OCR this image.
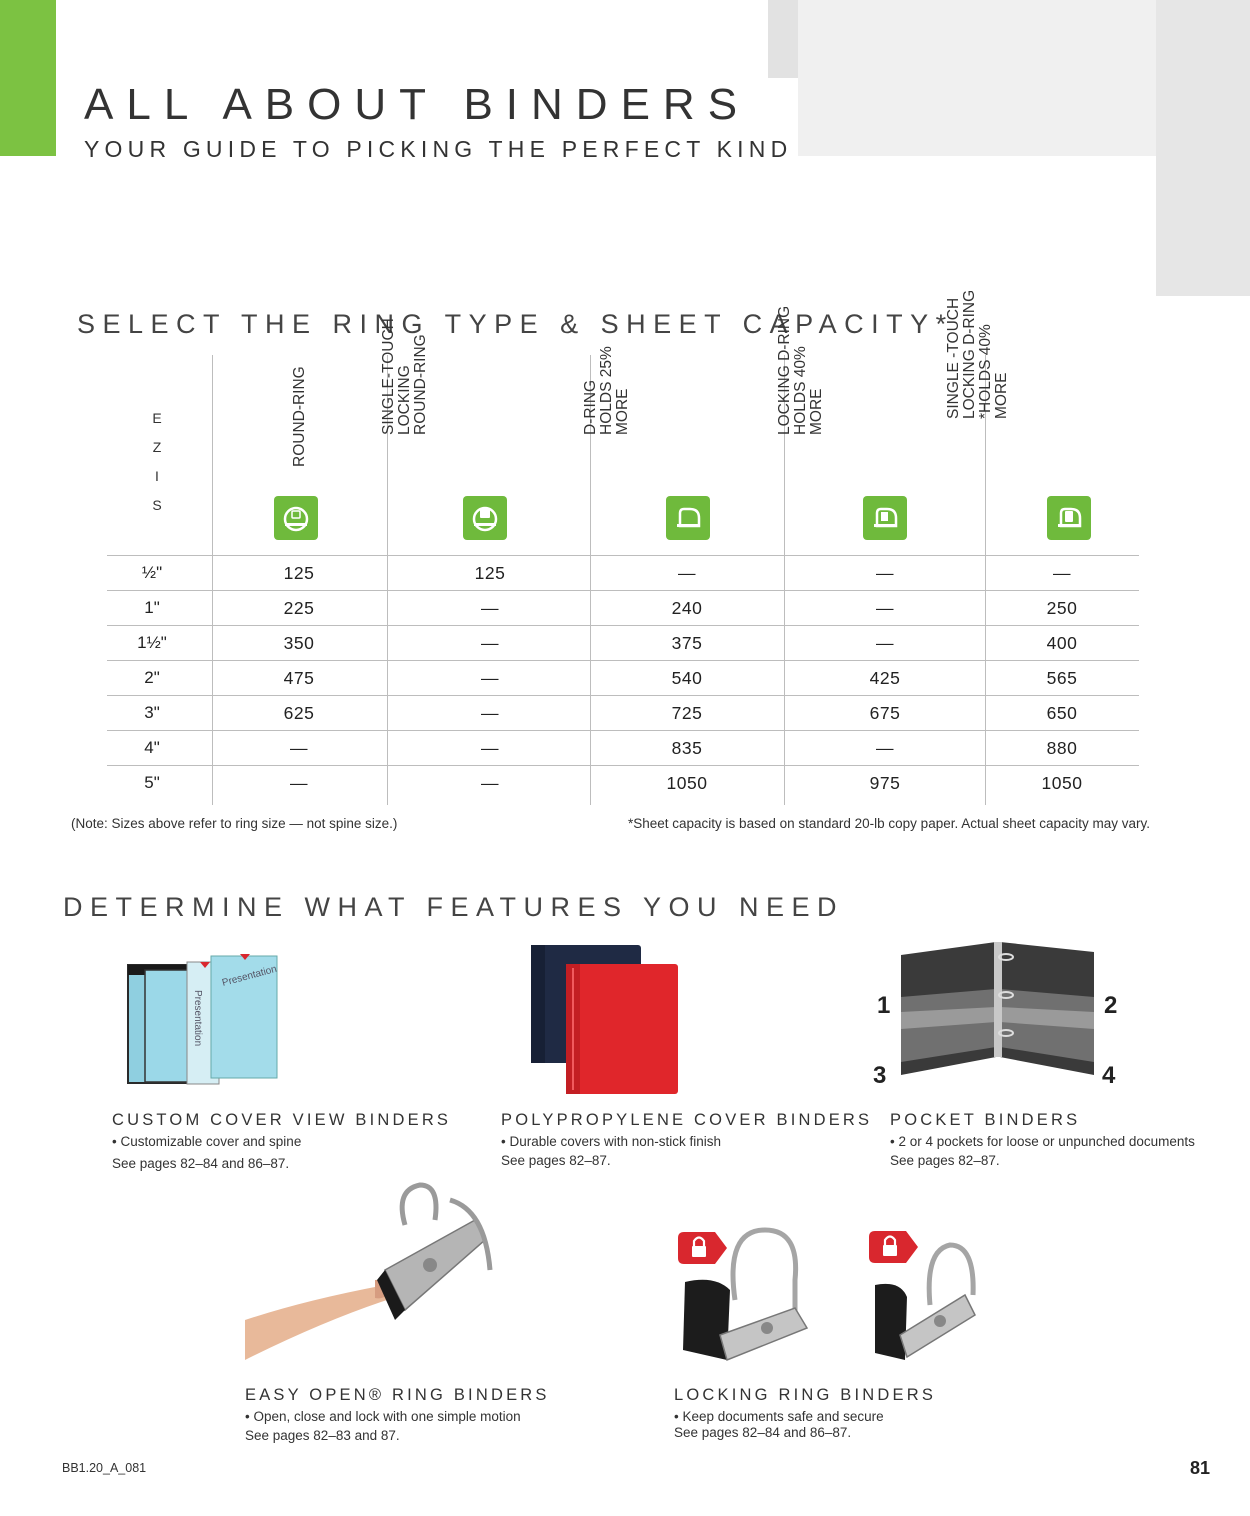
ALL ABOUT BINDERS
YOUR GUIDE TO PICKING THE PERFECT KIND
SELECT THE RING TYPE & SHEET CAPACITY*
E
Z
I
S
ROUND-RING	SINGLE-TOUCH LOCKING ROUND-RING	D-RING HOLDS 25% MORE	LOCKING D-RING HOLDS 40% MORE	SINGLE -TOUCH LOCKING D-RING *HOLDS 40% MORE
½"	125	125	—	—	—
1"	225	—	240	—	250
1½"	350	—	375	—	400
2"	475	—	540	425	565
3"	625	—	725	675	650
4"	—	—	835	—	880
5"	—	—	1050	975	1050
(Note: Sizes above refer to ring size — not spine size.)	*Sheet capacity is based on standard 20-lb copy paper. Actual sheet capacity may vary.
DETERMINE WHAT FEATURES YOU NEED
Presentation
Presentation	1	2
3	4
CUSTOM COVER VIEW BINDERS
• Customizable cover and spine
See pages 82–84 and 86–87.
POLYPROPYLENE COVER BINDERS
• Durable covers with non-stick finish
See pages 82–87.
POCKET BINDERS
• 2 or 4 pockets for loose or unpunched documents
See pages 82–87.
EASY OPEN® RING BINDERS
• Open, close and lock with one simple motion
See pages 82–83 and 87.
LOCKING RING BINDERS
• Keep documents safe and secure
See pages 82–84 and 86–87.
BB1.20_A_081	81
